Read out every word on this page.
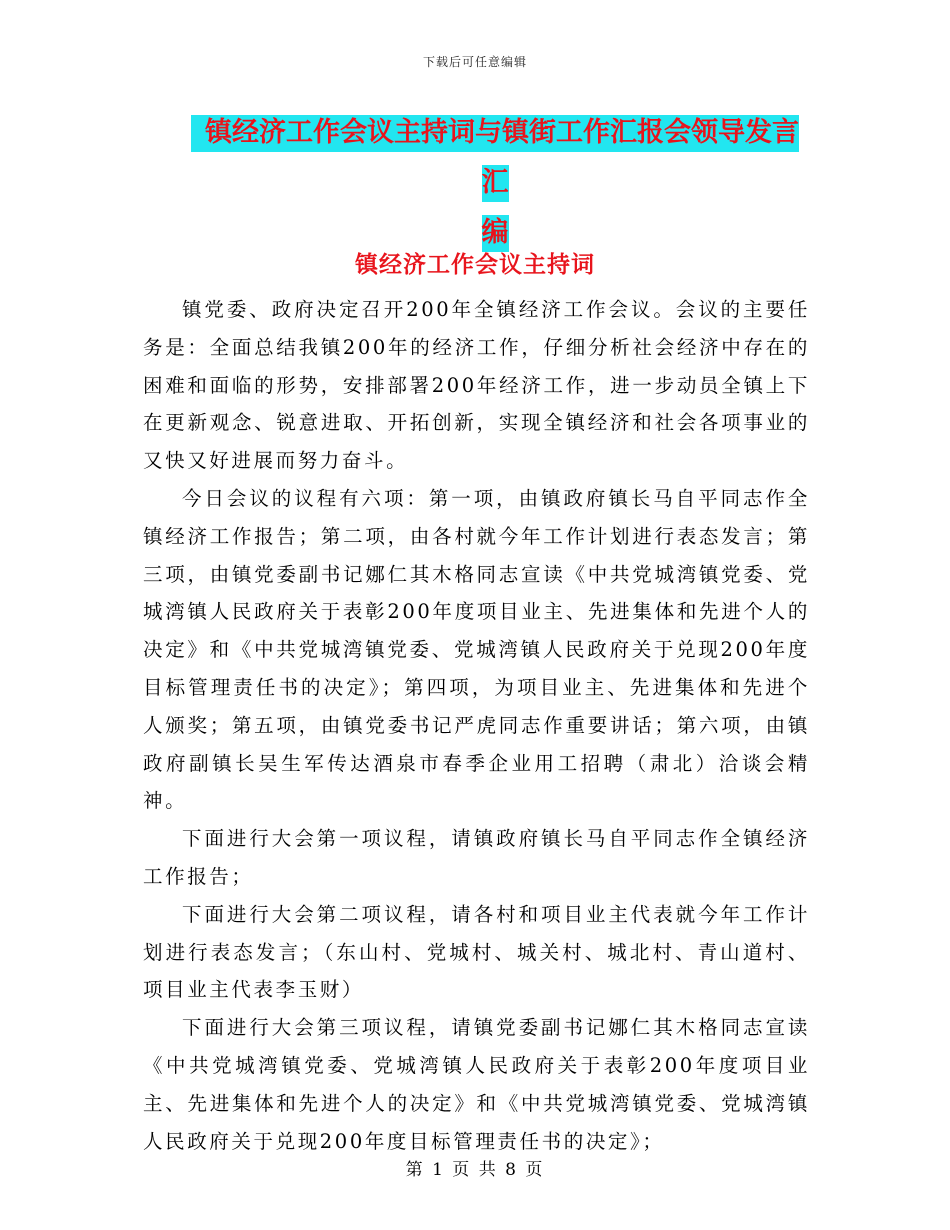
下载后可任意编辑
镇经济工作会议主持词与镇街工作汇报会领导发言汇
编
镇经济工作会议主持词

镇党委、政府决定召开200年全镇经济工作会议。会议的主要任务是：全面总结我镇200年的经济工作，仔细分析社会经济中存在的困难和面临的形势，安排部署200年经济工作，进一步动员全镇上下在更新观念、锐意进取、开拓创新，实现全镇经济和社会各项事业的又快又好进展而努力奋斗。

今日会议的议程有六项：第一项，由镇政府镇长马自平同志作全镇经济工作报告；第二项，由各村就今年工作计划进行表态发言；第三项，由镇党委副书记娜仁其木格同志宣读《中共党城湾镇党委、党城湾镇人民政府关于表彰200年度项目业主、先进集体和先进个人的决定》和《中共党城湾镇党委、党城湾镇人民政府关于兑现200年度目标管理责任书的决定》；第四项，为项目业主、先进集体和先进个人颁奖；第五项，由镇党委书记严虎同志作重要讲话；第六项，由镇政府副镇长吴生军传达酒泉市春季企业用工招聘（肃北）洽谈会精神。

下面进行大会第一项议程，请镇政府镇长马自平同志作全镇经济工作报告；

下面进行大会第二项议程，请各村和项目业主代表就今年工作计划进行表态发言；（东山村、党城村、城关村、城北村、青山道村、项目业主代表李玉财）

下面进行大会第三项议程，请镇党委副书记娜仁其木格同志宣读《中共党城湾镇党委、党城湾镇人民政府关于表彰200年度项目业主、先进集体和先进个人的决定》和《中共党城湾镇党委、党城湾镇人民政府关于兑现200年度目标管理责任书的决定》；

第 1 页 共 8 页
